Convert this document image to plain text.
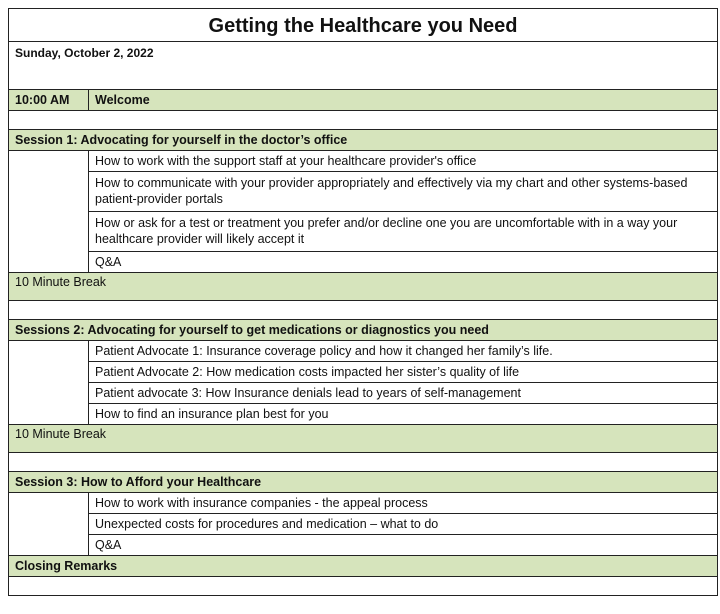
Getting the Healthcare you Need	
Sunday, October 2, 2022	
10:00 AM	Welcome

Session 1: Advocating for yourself in the doctor’s office	
	How to work with the support staff at your healthcare provider's office
	How to communicate with your provider appropriately and effectively via my chart and other systems-based patient-provider portals
	How or ask for a test or treatment you prefer and/or decline one you are uncomfortable with in a way your healthcare provider will likely accept it
	Q&A
10 Minute Break	

Sessions 2: Advocating for yourself to get medications or diagnostics you need	
	Patient Advocate 1: Insurance coverage policy and how it changed her family’s life.
	Patient Advocate 2: How medication costs impacted her sister’s quality of life
	Patient advocate 3: How Insurance denials lead to years of self-management
	How to find an insurance plan best for you
10 Minute Break	

Session 3: How to Afford your Healthcare	
	How to work with insurance companies - the appeal process
	Unexpected costs for procedures and medication – what to do
	Q&A
Closing Remarks	
